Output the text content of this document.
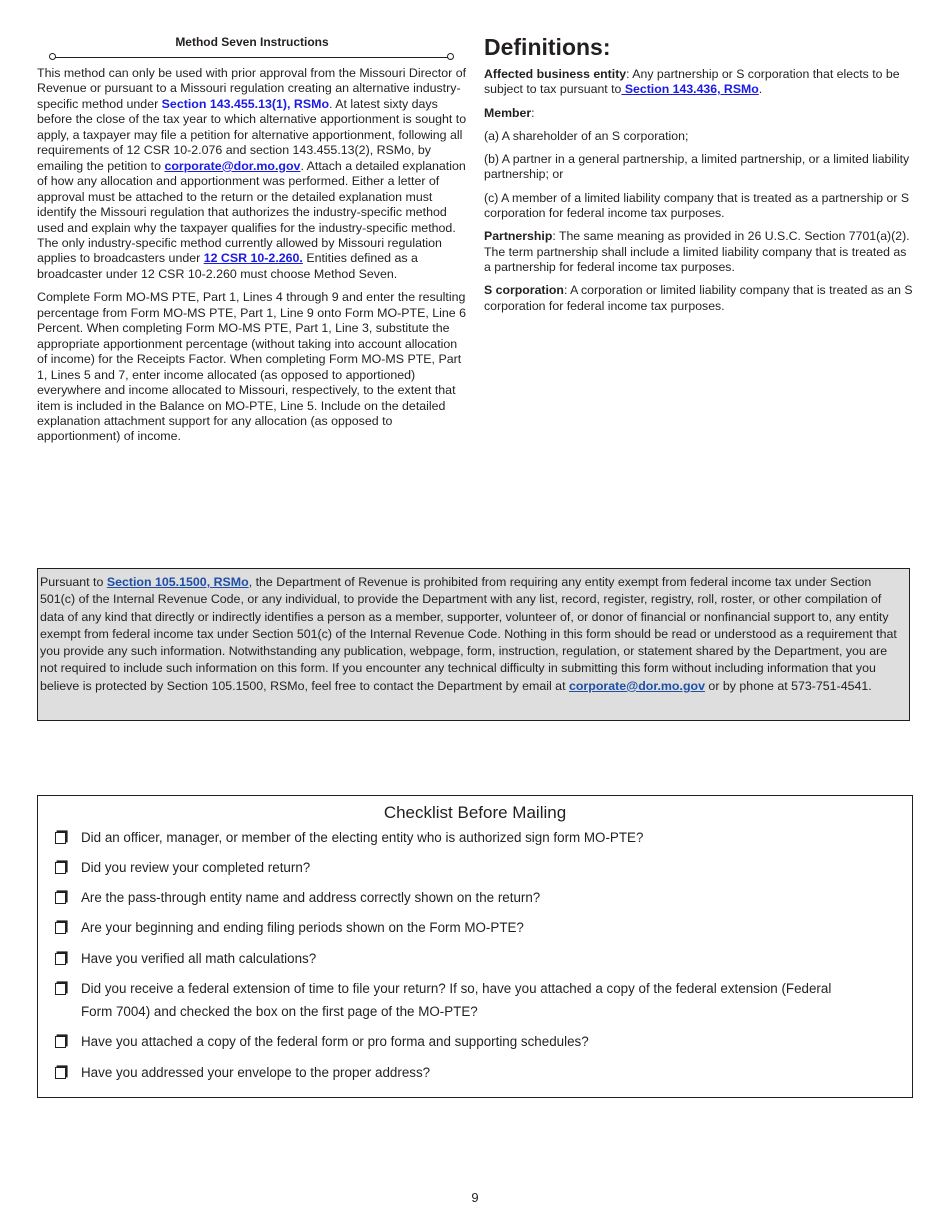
Method Seven Instructions

This method can only be used with prior approval from the Missouri Director of Revenue or pursuant to a Missouri regulation creating an alternative industry-specific method under Section 143.455.13(1), RSMo. At latest sixty days before the close of the tax year to which alternative apportionment is sought to apply, a taxpayer may file a petition for alternative apportionment, following all requirements of 12 CSR 10-2.076 and section 143.455.13(2), RSMo, by emailing the petition to corporate@dor.mo.gov. Attach a detailed explanation of how any allocation and apportionment was performed. Either a letter of approval must be attached to the return or the detailed explanation must identify the Missouri regulation that authorizes the industry-specific method used and explain why the taxpayer qualifies for the industry-specific method. The only industry-specific method currently allowed by Missouri regulation applies to broadcasters under 12 CSR 10-2.260. Entities defined as a broadcaster under 12 CSR 10-2.260 must choose Method Seven.

Complete Form MO-MS PTE, Part 1, Lines 4 through 9 and enter the resulting percentage from Form MO-MS PTE, Part 1, Line 9 onto Form MO-PTE, Line 6 Percent. When completing Form MO-MS PTE, Part 1, Line 3, substitute the appropriate apportionment percentage (without taking into account allocation of income) for the Receipts Factor. When completing Form MO-MS PTE, Part 1, Lines 5 and 7, enter income allocated (as opposed to apportioned) everywhere and income allocated to Missouri, respectively, to the extent that item is included in the Balance on MO-PTE, Line 5. Include on the detailed explanation attachment support for any allocation (as opposed to apportionment) of income.

Definitions:

Affected business entity: Any partnership or S corporation that elects to be subject to tax pursuant to Section 143.436, RSMo.

Member:

(a) A shareholder of an S corporation;

(b) A partner in a general partnership, a limited partnership, or a limited liability partnership; or

(c) A member of a limited liability company that is treated as a partnership or S corporation for federal income tax purposes.

Partnership: The same meaning as provided in 26 U.S.C. Section 7701(a)(2). The term partnership shall include a limited liability company that is treated as a partnership for federal income tax purposes.

S corporation: A corporation or limited liability company that is treated as an S corporation for federal income tax purposes.

Pursuant to Section 105.1500, RSMo, the Department of Revenue is prohibited from requiring any entity exempt from federal income tax under Section 501(c) of the Internal Revenue Code, or any individual, to provide the Department with any list, record, register, registry, roll, roster, or other compilation of data of any kind that directly or indirectly identifies a person as a member, supporter, volunteer of, or donor of financial or nonfinancial support to, any entity exempt from federal income tax under Section 501(c) of the Internal Revenue Code. Nothing in this form should be read or understood as a requirement that you provide any such information. Notwithstanding any publication, webpage, form, instruction, regulation, or statement shared by the Department, you are not required to include such information on this form. If you encounter any technical difficulty in submitting this form without including information that you believe is protected by Section 105.1500, RSMo, feel free to contact the Department by email at corporate@dor.mo.gov or by phone at 573-751-4541.
Checklist Before Mailing
Did an officer, manager, or member of the electing entity who is authorized sign form MO-PTE?
Did you review your completed return?
Are the pass-through entity name and address correctly shown on the return?
Are your beginning and ending filing periods shown on the Form MO-PTE?
Have you verified all math calculations?
Did you receive a federal extension of time to file your return? If so, have you attached a copy of the federal extension (Federal Form 7004) and checked the box on the first page of the MO-PTE?
Have you attached a copy of the federal form or pro forma and supporting schedules?
Have you addressed your envelope to the proper address?
9
